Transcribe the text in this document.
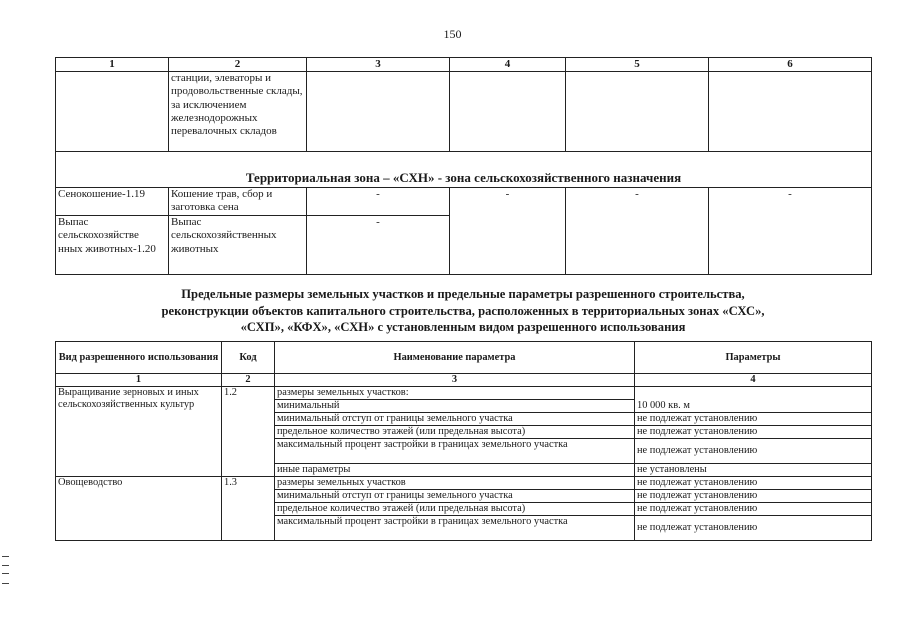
150
1	2	3	4	5	6
	станции, элеваторы и продовольственные склады, за исключением железнодорожных перевалочных складов				
Территориальная зона – «СХН» - зона сельскохозяйственного назначения					
Сенокошение-1.19	Кошение трав, сбор и заготовка сена	-	-	-	-
Выпас сельскохозяйстве нных животных-1.20	Выпас сельскохозяйственных животных	-			
Предельные размеры земельных участков и предельные параметры разрешенного строительства,
реконструкции объектов капитального строительства, расположенных в территориальных зонах «СХС»,
«СХП», «КФХ», «СХН» с установленным видом разрешенного использования
Вид разрешенного использования	Код	Наименование параметра	Параметры
1	2	3	4
Выращивание зерновых и иных сельскохозяйственных культур	1.2	размеры земельных участков:	10 000 кв. м
		минимальный	
		минимальный отступ от границы земельного участка	не подлежат установлению
		предельное количество этажей (или предельная высота)	не подлежат установлению
		максимальный процент застройки в границах земельного участка	не подлежат установлению
		иные параметры	не установлены
Овощеводство	1.3	размеры земельных участков	не подлежат установлению
		минимальный отступ от границы земельного участка	не подлежат установлению
		предельное количество этажей (или предельная высота)	не подлежат установлению
		максимальный процент застройки в границах земельного участка	не подлежат установлению
